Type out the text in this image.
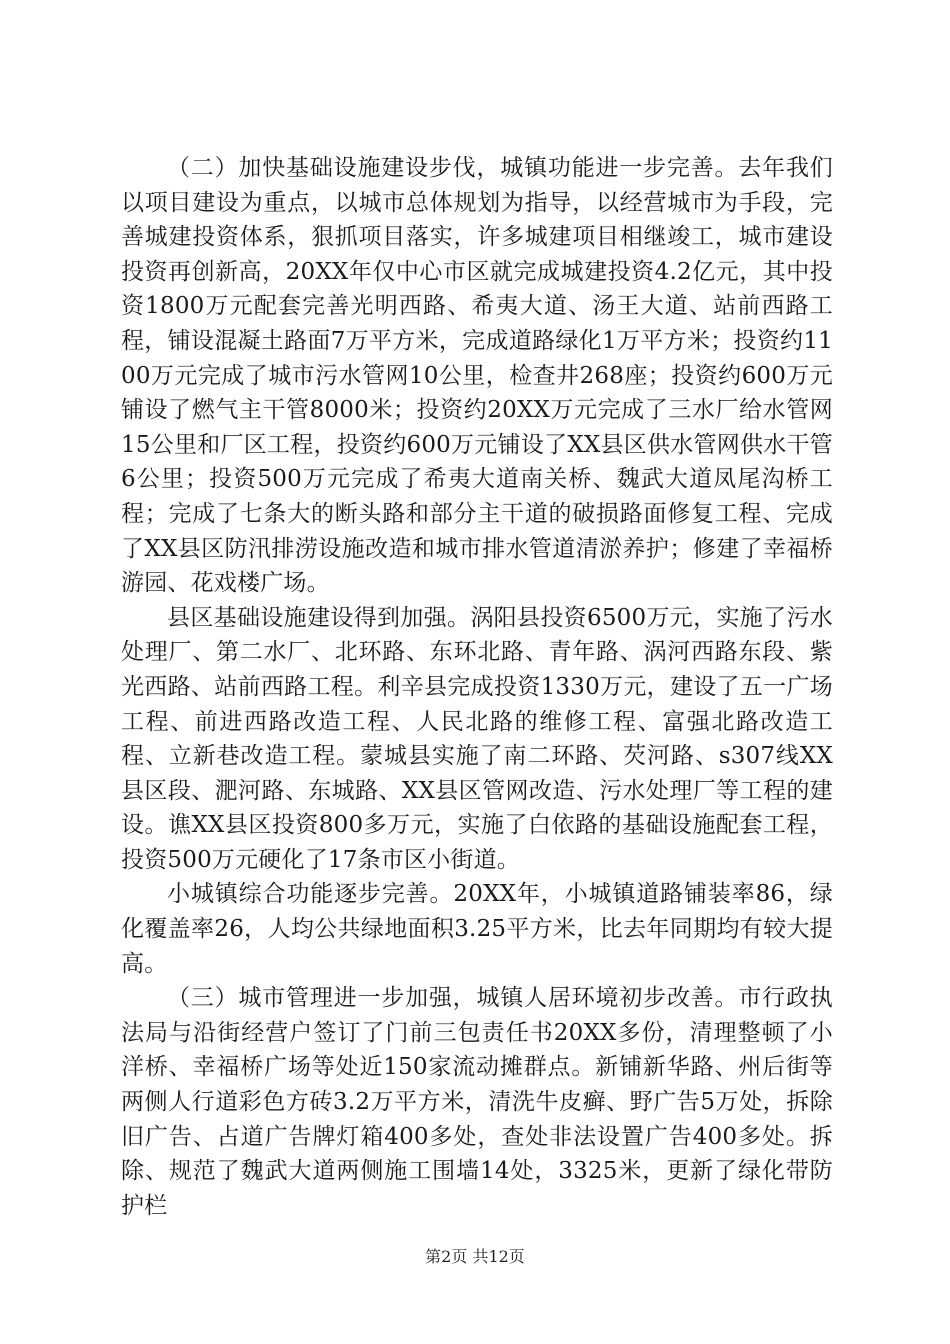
（二）加快基础设施建设步伐，城镇功能进一步完善。去年我们以项目建设为重点，以城市总体规划为指导，以经营城市为手段，完善城建投资体系，狠抓项目落实，许多城建项目相继竣工，城市建设投资再创新高，20XX年仅中心市区就完成城建投资4.2亿元，其中投资1800万元配套完善光明西路、希夷大道、汤王大道、站前西路工程，铺设混凝土路面7万平方米，完成道路绿化1万平方米；投资约1100万元完成了城市污水管网10公里，检查井268座；投资约600万元铺设了燃气主干管8000米；投资约20XX万元完成了三水厂给水管网15公里和厂区工程，投资约600万元铺设了XX县区供水管网供水干管6公里；投资500万元完成了希夷大道南关桥、魏武大道凤尾沟桥工程；完成了七条大的断头路和部分主干道的破损路面修复工程、完成了XX县区防汛排涝设施改造和城市排水管道清淤养护；修建了幸福桥游园、花戏楼广场。

县区基础设施建设得到加强。涡阳县投资6500万元，实施了污水处理厂、第二水厂、北环路、东环北路、青年路、涡河西路东段、紫光西路、站前西路工程。利辛县完成投资1330万元，建设了五一广场工程、前进西路改造工程、人民北路的维修工程、富强北路改造工程、立新巷改造工程。蒙城县实施了南二环路、芡河路、s307线XX县区段、淝河路、东城路、XX县区管网改造、污水处理厂等工程的建设。谯XX县区投资800多万元，实施了白依路的基础设施配套工程，投资500万元硬化了17条市区小街道。

小城镇综合功能逐步完善。20XX年，小城镇道路铺装率86，绿化覆盖率26，人均公共绿地面积3.25平方米，比去年同期均有较大提高。

（三）城市管理进一步加强，城镇人居环境初步改善。市行政执法局与沿街经营户签订了门前三包责任书20XX多份，清理整顿了小洋桥、幸福桥广场等处近150家流动摊群点。新铺新华路、州后街等两侧人行道彩色方砖3.2万平方米，清洗牛皮癣、野广告5万处，拆除旧广告、占道广告牌灯箱400多处，查处非法设置广告400多处。拆除、规范了魏武大道两侧施工围墙14处，3325米，更新了绿化带防护栏

第2页 共12页
